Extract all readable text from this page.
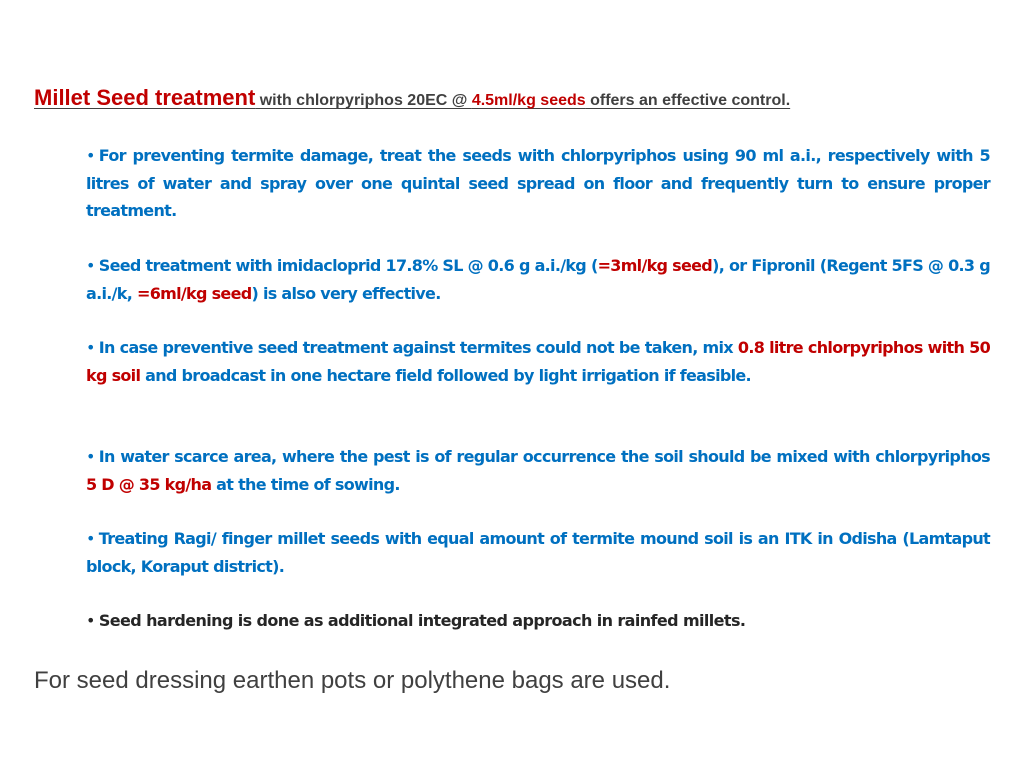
Millet Seed treatment with chlorpyriphos 20EC @ 4.5ml/kg seeds offers an effective control.
• For preventing termite damage, treat the seeds with chlorpyriphos using 90 ml a.i., respectively with 5 litres of water and spray over one quintal seed spread on floor and frequently turn to ensure proper treatment.
• Seed treatment with imidacloprid 17.8% SL @ 0.6 g a.i./kg (=3ml/kg seed), or Fipronil (Regent 5FS @ 0.3 g a.i./k, =6ml/kg seed) is also very effective.
• In case preventive seed treatment against termites could not be taken, mix 0.8 litre chlorpyriphos with 50 kg soil and broadcast in one hectare field followed by light irrigation if feasible.
• In water scarce area, where the pest is of regular occurrence the soil should be mixed with chlorpyriphos 5 D @ 35 kg/ha at the time of sowing.
• Treating Ragi/ finger millet seeds with equal amount of termite mound soil is an ITK in Odisha (Lamtaput block, Koraput district).
• Seed hardening is done as additional integrated approach in rainfed millets.
For seed dressing earthen pots or polythene bags are used.
